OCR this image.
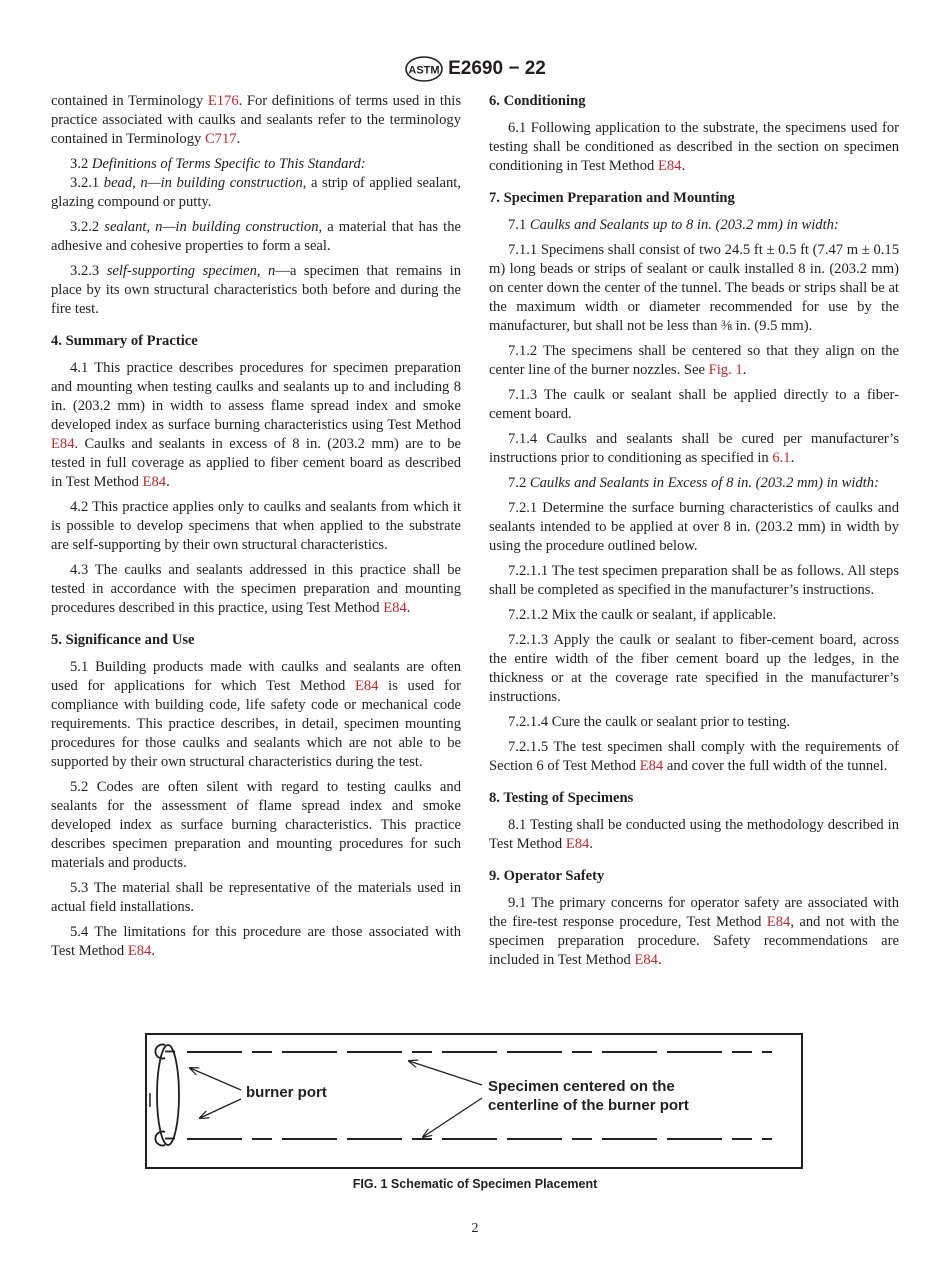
ASTM E2690 − 22

contained in Terminology E176. For definitions of terms used in this practice associated with caulks and sealants refer to the terminology contained in Terminology C717.

3.2 Definitions of Terms Specific to This Standard:

3.2.1 bead, n—in building construction, a strip of applied sealant, glazing compound or putty.

3.2.2 sealant, n—in building construction, a material that has the adhesive and cohesive properties to form a seal.

3.2.3 self-supporting specimen, n—a specimen that remains in place by its own structural characteristics both before and during the fire test.

4. Summary of Practice

4.1 This practice describes procedures for specimen preparation and mounting when testing caulks and sealants up to and including 8 in. (203.2 mm) in width to assess flame spread index and smoke developed index as surface burning characteristics using Test Method E84. Caulks and sealants in excess of 8 in. (203.2 mm) are to be tested in full coverage as applied to fiber cement board as described in Test Method E84.

4.2 This practice applies only to caulks and sealants from which it is possible to develop specimens that when applied to the substrate are self-supporting by their own structural characteristics.

4.3 The caulks and sealants addressed in this practice shall be tested in accordance with the specimen preparation and mounting procedures described in this practice, using Test Method E84.

5. Significance and Use

5.1 Building products made with caulks and sealants are often used for applications for which Test Method E84 is used for compliance with building code, life safety code or mechanical code requirements. This practice describes, in detail, specimen mounting procedures for those caulks and sealants which are not able to be supported by their own structural characteristics during the test.

5.2 Codes are often silent with regard to testing caulks and sealants for the assessment of flame spread index and smoke developed index as surface burning characteristics. This practice describes specimen preparation and mounting procedures for such materials and products.

5.3 The material shall be representative of the materials used in actual field installations.

5.4 The limitations for this procedure are those associated with Test Method E84.

6. Conditioning

6.1 Following application to the substrate, the specimens used for testing shall be conditioned as described in the section on specimen conditioning in Test Method E84.

7. Specimen Preparation and Mounting

7.1 Caulks and Sealants up to 8 in. (203.2 mm) in width:

7.1.1 Specimens shall consist of two 24.5 ft ± 0.5 ft (7.47 m ± 0.15 m) long beads or strips of sealant or caulk installed 8 in. (203.2 mm) on center down the center of the tunnel. The beads or strips shall be at the maximum width or diameter recommended for use by the manufacturer, but shall not be less than ⅜ in. (9.5 mm).

7.1.2 The specimens shall be centered so that they align on the center line of the burner nozzles. See Fig. 1.

7.1.3 The caulk or sealant shall be applied directly to a fiber-cement board.

7.1.4 Caulks and sealants shall be cured per manufacturer’s instructions prior to conditioning as specified in 6.1.

7.2 Caulks and Sealants in Excess of 8 in. (203.2 mm) in width:

7.2.1 Determine the surface burning characteristics of caulks and sealants intended to be applied at over 8 in. (203.2 mm) in width by using the procedure outlined below.

7.2.1.1 The test specimen preparation shall be as follows. All steps shall be completed as specified in the manufacturer’s instructions.

7.2.1.2 Mix the caulk or sealant, if applicable.

7.2.1.3 Apply the caulk or sealant to fiber-cement board, across the entire width of the fiber cement board up the ledges, in the thickness or at the coverage rate specified in the manufacturer’s instructions.

7.2.1.4 Cure the caulk or sealant prior to testing.

7.2.1.5 The test specimen shall comply with the requirements of Section 6 of Test Method E84 and cover the full width of the tunnel.

8. Testing of Specimens

8.1 Testing shall be conducted using the methodology described in Test Method E84.

9. Operator Safety

9.1 The primary concerns for operator safety are associated with the fire-test response procedure, Test Method E84, and not with the specimen preparation procedure. Safety recommendations are included in Test Method E84.

burner port	Specimen centered on the
centerline of the burner port
FIG. 1 Schematic of Specimen Placement
2
